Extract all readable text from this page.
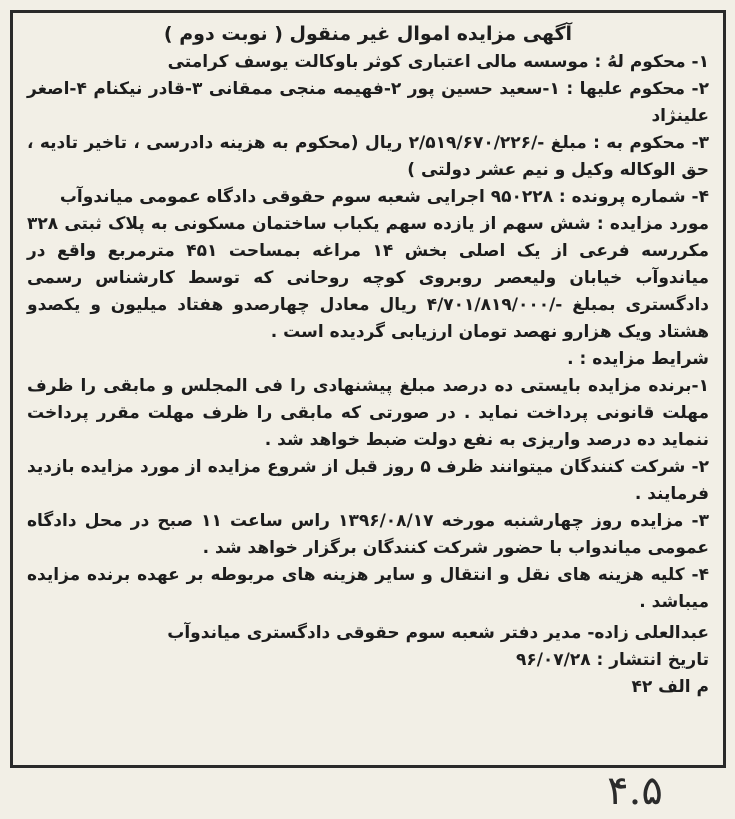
آگهی مزایده اموال غیر منقول ( نوبت دوم )

۱- محکوم لهُ : موسسه مالی اعتباری کوثر باوکالت یوسف کرامتی

۲- محکوم علیها : ۱-سعید حسین پور ۲-فهیمه منجی ممقانی ۳-قادر نیکنام ۴-اصغر علینژاد

۳- محکوم به : مبلغ -/۲/۵۱۹/۶۷۰/۲۲۶ ریال (محکوم به هزینه دادرسی ، تاخیر تادیه ، حق الوکاله وکیل و نیم عشر دولتی )

۴- شماره پرونده : ۹۵۰۲۲۸ اجرایی شعبه سوم حقوقی دادگاه عمومی میاندوآب

مورد مزایده : شش سهم از یازده سهم یکباب ساختمان مسکونی به پلاک ثبتی ۳۲۸ مکررسه فرعی از یک اصلی بخش ۱۴ مراغه بمساحت ۴۵۱ مترمربع واقع در میاندوآب خیابان ولیعصر روبروی کوچه روحانی که توسط کارشناس رسمی دادگستری بمبلغ -/۴/۷۰۱/۸۱۹/۰۰۰ ریال معادل چهارصدو هفتاد میلیون و یکصدو هشتاد ویک هزارو نهصد تومان ارزیابی گردیده است .

شرایط مزایده : .

۱-برنده مزایده بایستی ده درصد مبلغ پیشنهادی را فی المجلس و مابقی را ظرف مهلت قانونی پرداخت نماید . در صورتی که مابقی را ظرف مهلت مقرر پرداخت ننماید ده درصد واریزی به نفع دولت ضبط خواهد شد .

۲- شرکت کنندگان میتوانند ظرف ۵ روز قبل از شروع مزایده از مورد مزایده بازدید فرمایند .

۳- مزایده روز چهارشنبه مورخه ۱۳۹۶/۰۸/۱۷ راس ساعت ۱۱ صبح در محل دادگاه عمومی میاندواب با حضور شرکت کنندگان برگزار خواهد شد .

۴- کلیه هزینه های نقل و انتقال و سایر هزینه های مربوطه بر عهده برنده مزایده میباشد .

عبدالعلی زاده- مدیر دفتر شعبه سوم حقوقی دادگستری میاندوآب

تاریخ انتشار : ۹۶/۰۷/۲۸

م الف ۴۲

۴.۵
